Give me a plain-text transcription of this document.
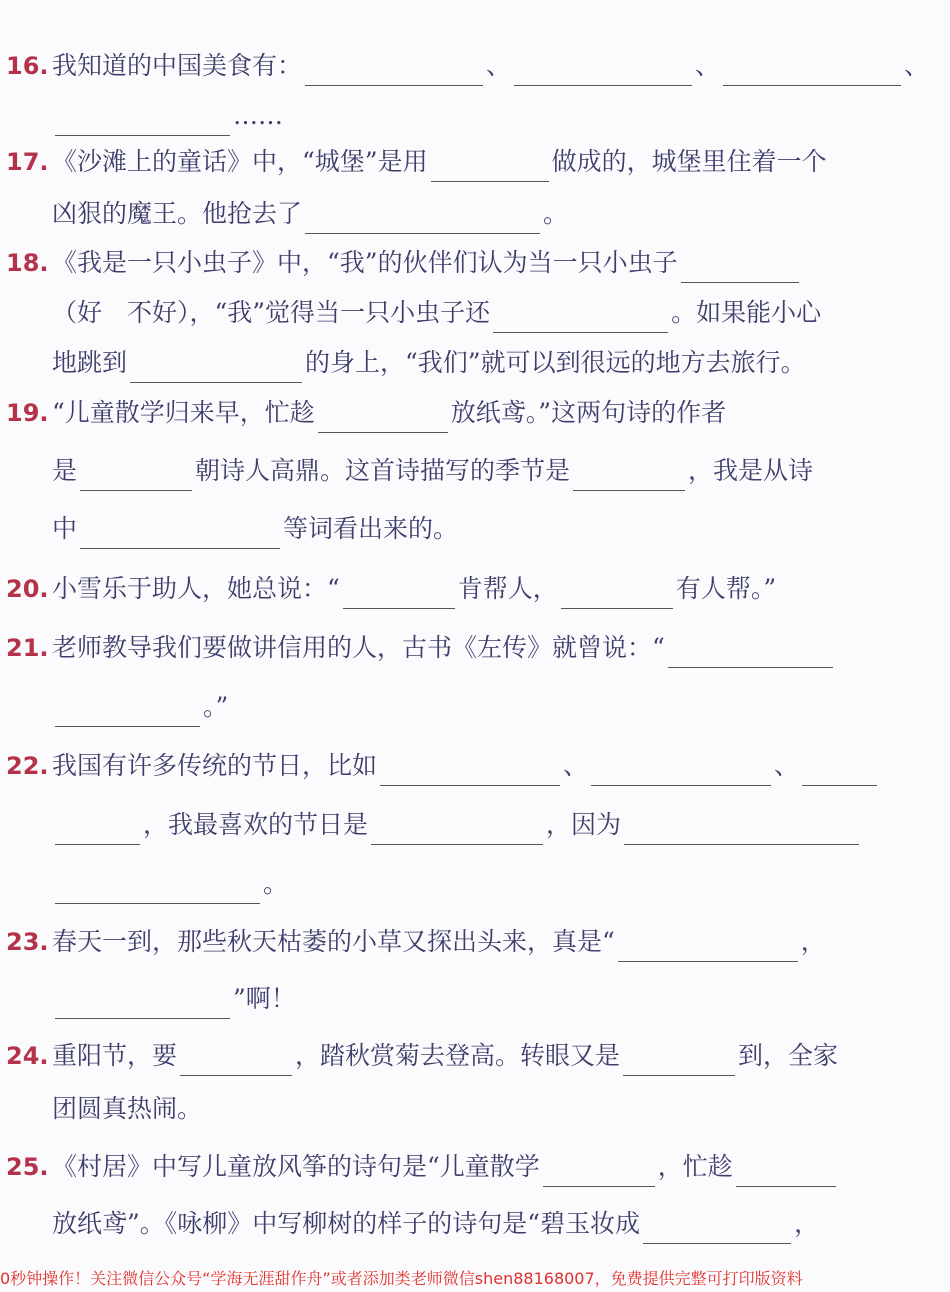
16. 我知道的中国美食有：	、	、	、
……
17. 《沙滩上的童话》中，“城堡”是用	做成的，城堡里住着一个
凶狠的魔王。他抢去了	。
18. 《我是一只小虫子》中，“我”的伙伴们认为当一只小虫子
（好　不好），“我”觉得当一只小虫子还	。如果能小心
地跳到	的身上，“我们”就可以到很远的地方去旅行。
19. “儿童散学归来早，忙趁	放纸鸢。”这两句诗的作者
是	朝诗人高鼎。这首诗描写的季节是	，我是从诗
中	等词看出来的。
20. 小雪乐于助人，她总说：“	肯帮人，	有人帮。”
21. 老师教导我们要做讲信用的人，古书《左传》就曾说：“
。”
22. 我国有许多传统的节日，比如	、	、
，我最喜欢的节日是	，因为
。
23. 春天一到，那些秋天枯萎的小草又探出头来，真是“	，
”啊！
24. 重阳节，要	，踏秋赏菊去登高。转眼又是	到，全家
团圆真热闹。
25. 《村居》中写儿童放风筝的诗句是“儿童散学	，忙趁
放纸鸢”。《咏柳》中写柳树的样子的诗句是“碧玉妆成	，
0秒钟操作！关注微信公众号“学海无涯甜作舟”或者添加类老师微信shen88168007，免费提供完整可打印版资料
